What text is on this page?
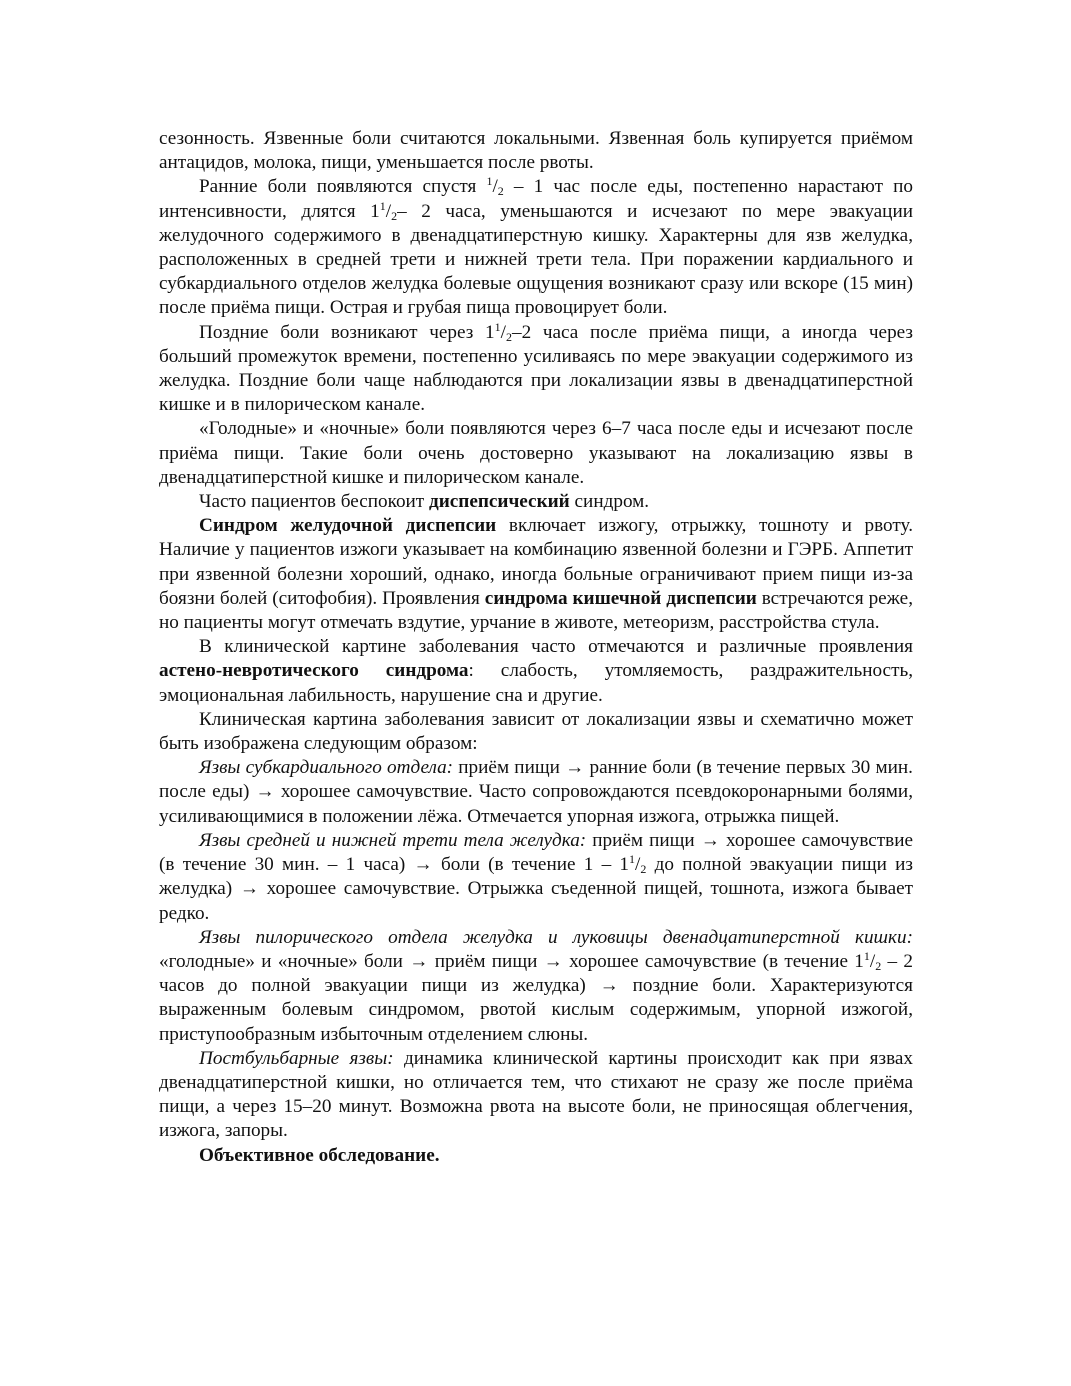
сезонность. Язвенные боли считаются локальными. Язвенная боль купируется приёмом антацидов, молока, пищи, уменьшается после рвоты.

Ранние боли появляются спустя $^1/_2 - 1$ час после еды, постепенно нарастают по интенсивности, длятся $1^1/_2-$ 2 часа, уменьшаются и исчезают по мере эвакуации желудочного содержимого в двенадцатиперстную кишку. Характерны для язв желудка, расположенных в средней трети и нижней трети тела. При поражении кардиального и субкардиального отделов желудка болевые ощущения возникают сразу или вскоре (15 мин) после приёма пищи. Острая и грубая пища провоцирует боли.

Поздние боли возникают через $1^1/_2-2$ часа после приёма пищи, а иногда через больший промежуток времени, постепенно усиливаясь по мере эвакуации содержимого из желудка. Поздние боли чаще наблюдаются при локализации язвы в двенадцатиперстной кишке и в пилорическом канале.

«Голодные» и «ночные» боли появляются через 6–7 часа после еды и исчезают после приёма пищи. Такие боли очень достоверно указывают на локализацию язвы в двенадцатиперстной кишке и пилорическом канале.

Часто пациентов беспокоит диспепсический синдром.

Синдром желудочной диспепсии включает изжогу, отрыжку, тошноту и рвоту. Наличие у пациентов изжоги указывает на комбинацию язвенной болезни и ГЭРБ. Аппетит при язвенной болезни хороший, однако, иногда больные ограничивают прием пищи из-за боязни болей (ситофобия). Проявления синдрома кишечной диспепсии встречаются реже, но пациенты могут отмечать вздутие, урчание в животе, метеоризм, расстройства стула.

В клинической картине заболевания часто отмечаются и различные проявления астено-невротического синдрома: слабость, утомляемость, раздражительность, эмоциональная лабильность, нарушение сна и другие.

Клиническая картина заболевания зависит от локализации язвы и схематично может быть изображена следующим образом:

Язвы субкардиального отдела: приём пищи → ранние боли (в течение первых 30 мин. после еды) → хорошее самочувствие. Часто сопровождаются псевдокоронарными болями, усиливающимися в положении лёжа. Отмечается упорная изжога, отрыжка пищей.

Язвы средней и нижней трети тела желудка: приём пищи → хорошее самочувствие (в течение 30 мин. – 1 часа) → боли (в течение $1 - 1^1/_2$ до полной эвакуации пищи из желудка) → хорошее самочувствие. Отрыжка съеденной пищей, тошнота, изжога бывает редко.

Язвы пилорического отдела желудка и луковицы двенадцатиперстной кишки: «голодные» и «ночные» боли → приём пищи → хорошее самочувствие (в течение $1^1/_2 - 2$ часов до полной эвакуации пищи из желудка) → поздние боли. Характеризуются выраженным болевым синдромом, рвотой кислым содержимым, упорной изжогой, приступообразным избыточным отделением слюны.

Постбульбарные язвы: динамика клинической картины происходит как при язвах двенадцатиперстной кишки, но отличается тем, что стихают не сразу же после приёма пищи, а через 15–20 минут. Возможна рвота на высоте боли, не приносящая облегчения, изжога, запоры.

Объективное обследование.
